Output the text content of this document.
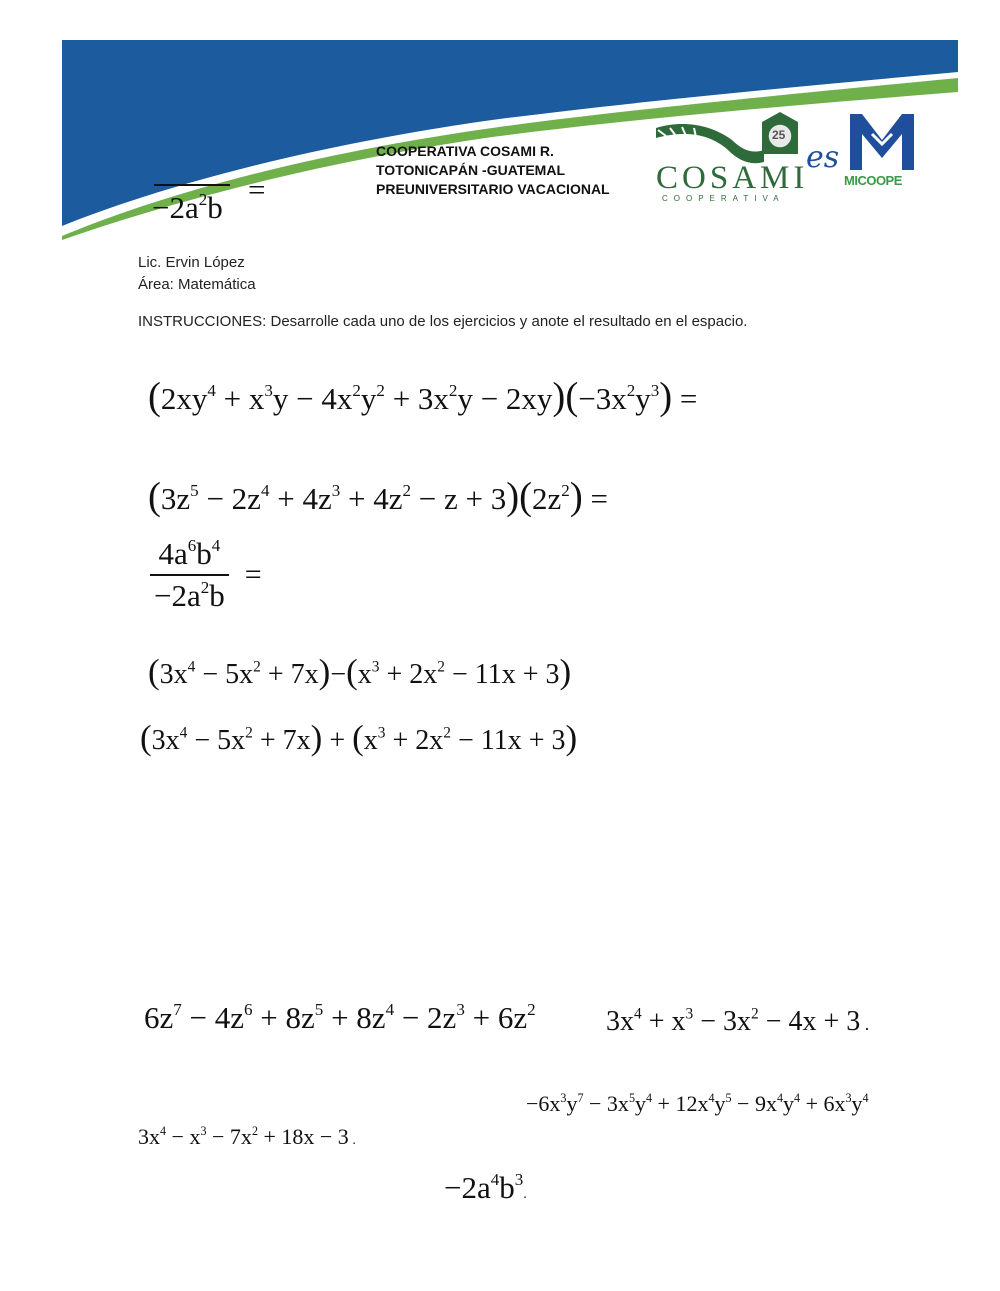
$-2a^2b$
=
COOPERATIVA COSAMI R.
TOTONICAPÁN -GUATEMAL
PREUNIVERSITARIO VACACIONAL
25
COSAMI
COOPERATIVA
es
MICOOPE
Lic. Ervin López
Área: Matemática
INSTRUCCIONES: Desarrolle cada uno de los ejercicios y anote el resultado en el espacio.
$(2xy^4 + x^3y - 4x^2y^2 + 3x^2y - 2xy)(-3x^2y^3)$ =
$(3z^5 - 2z^4 + 4z^3 + 4z^2 - z + 3)(2z^2)$ =
$\frac{4a^6b^4}{-2a^2b}$ =
$(3x^4 - 5x^2 + 7x)-(x^3 + 2x^2 - 11x + 3)$
$(3x^4 - 5x^2 + 7x) + (x^3 + 2x^2 - 11x + 3)$
$6z^7 - 4z^6 + 8z^5 + 8z^4 - 2z^3 + 6z^2$	$3x^4 + x^3 - 3x^2 - 4x + 3$ .
$-6x^3y^7 - 3x^5y^4 + 12x^4y^5 - 9x^4y^4 + 6x^3y^4$
$3x^4 - x^3 - 7x^2 + 18x - 3$ .
$-2a^4b^3$.
